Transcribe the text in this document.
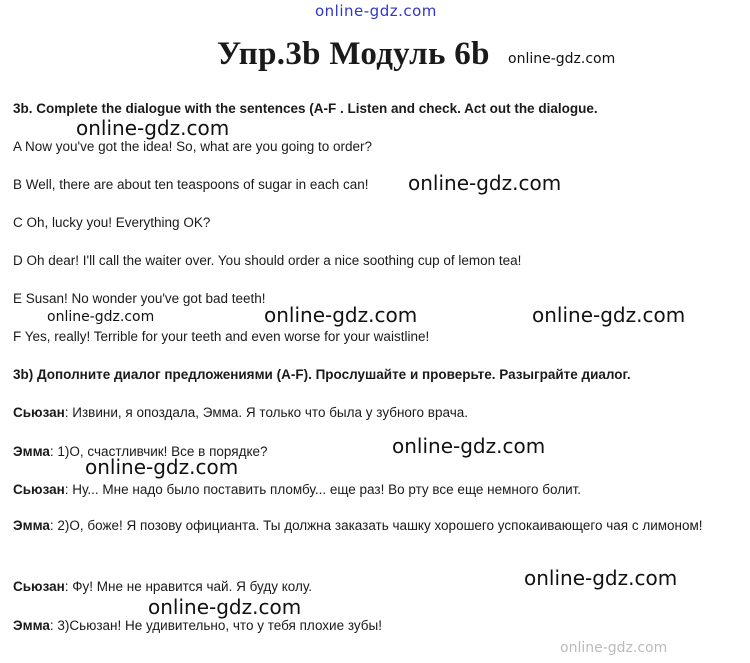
online-gdz.com
Упр.3b Модуль 6b online-gdz.com

3b. Complete the dialogue with the sentences (A-F . Listen and check. Act out the dialogue.

online-gdz.com

A Now you've got the idea! So, what are you going to order?

B Well, there are about ten teaspoons of sugar in each can! online-gdz.com

C Oh, lucky you! Everything OK?

D Oh dear! I'll call the waiter over. You should order a nice soothing cup of lemon tea!

E Susan! No wonder you've got bad teeth!

online-gdz.com	online-gdz.com	online-gdz.com

F Yes, really! Terrible for your teeth and even worse for your waistline!

3b) Дополните диалог предложениями (A-F). Прослушайте и проверьте. Разыграйте диалог.

Сьюзан: Извини, я опоздала, Эмма. Я только что была у зубного врача.

online-gdz.com

Эмма: 1)О, счастливчик! Все в порядке?

online-gdz.com

Сьюзан: Ну... Мне надо было поставить пломбу... еще раз! Во рту все еще немного болит.

Эмма: 2)О, боже! Я позову официанта. Ты должна заказать чашку хорошего успокаивающего чая с лимоном!

online-gdz.com

Сьюзан: Фу! Мне не нравится чай. Я буду колу.

online-gdz.com

Эмма: 3)Сьюзан! Не удивительно, что у тебя плохие зубы!

online-gdz.com
